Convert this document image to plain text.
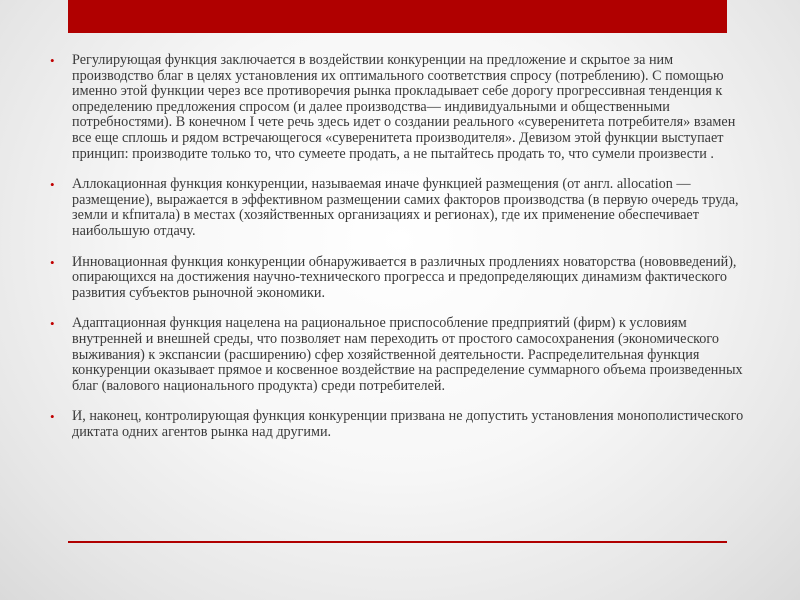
• Регулирующая функция заключается в воздействии конкуренции на предложение и скрытое за ним производство благ в целях установления их оптимального соответствия спросу (потреблению). С помощью именно этой функции через все противоречия рынка прокладывает себе дорогу прогрессивная тенденция к определению предложения спросом (и далее производства— индивидуальными и общественными потребностями). В конечном I чете речь здесь идет о создании реального «суверенитета потребителя» взамен все еще сплошь и рядом встречающегося «суверенитета производителя». Девизом этой функции выступает принцип: производите только то, что сумеете продать, а не пытайтесь продать то, что сумели произвести .
• Аллокационная функция конкуренции, называемая иначе функцией размещения (от англ. allocation — размещение), выражается в эффективном размещении самих факторов производства (в первую очередь труда, земли и кfпитала) в местах (хозяйственных организациях и регионах), где их применение обеспечивает наибольшую отдачу.
• Инновационная функция конкуренции обнаруживается в различных продлениях новаторства (нововведений), опирающихся на достижения научно-технического прогресса и предопределяющих динамизм фактического развития субъектов рыночной экономики.
• Адаптационная функция нацелена на рациональное приспособление предприятий (фирм) к условиям внутренней и внешней среды, что позволяет нам переходить от простого самосохранения (экономического выживания) к экспансии (расширению) сфер хозяйственной деятельности. Распределительная функция конкуренции оказывает прямое и косвенное воздействие на распределение суммарного объема произведенных благ (валового национального продукта) среди потребителей.
• И, наконец, контролирующая функция конкуренции призвана не допустить установления монополистического диктата одних агентов рынка над другими.
